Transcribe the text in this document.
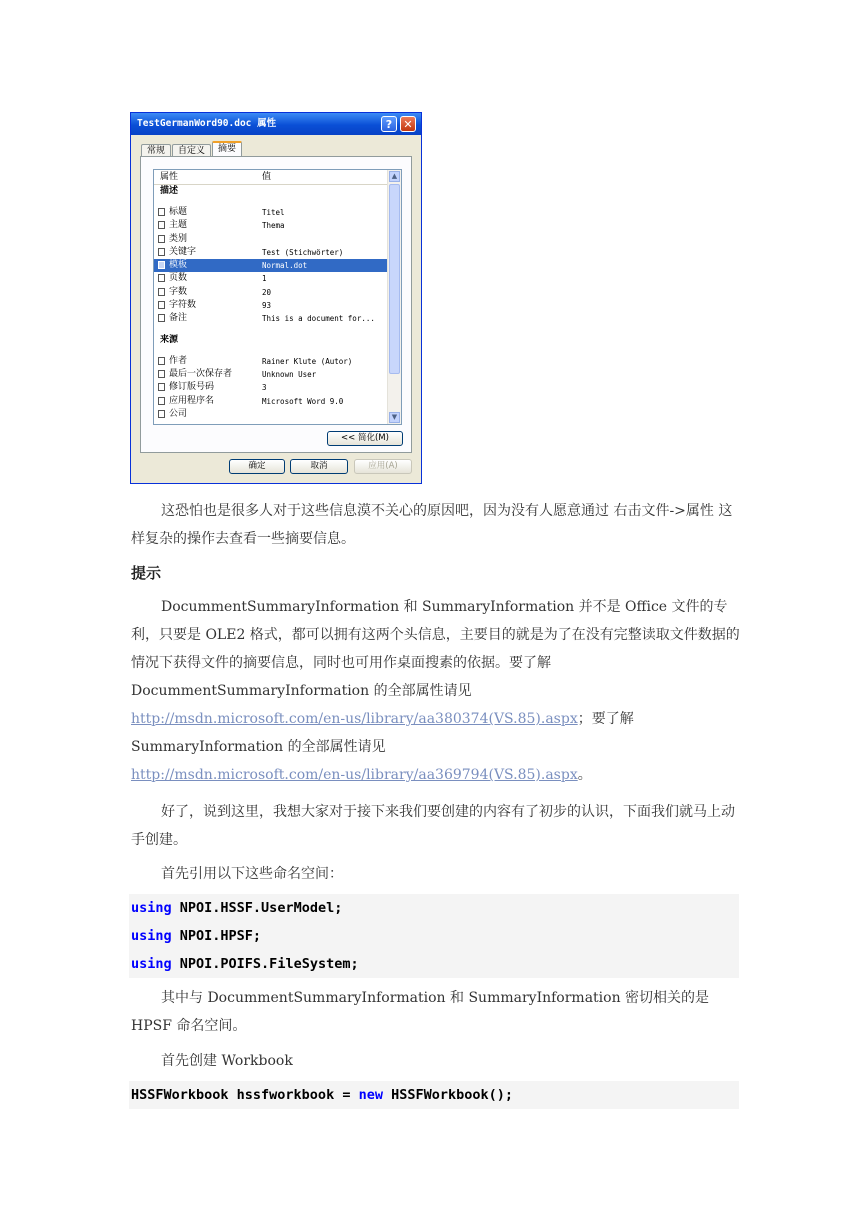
TestGermanWord90.doc 属性	?	✕
常规	自定义	摘要
属性	值
描述
标题	Titel
主题	Thema
类别
关键字	Test (Stichwörter)
模板	Normal.dot
页数	1
字数	20
字符数	93
备注	This is a document for...
来源
作者	Rainer Klute (Autor)
最后一次保存者	Unknown User
修订版号码	3
应用程序名	Microsoft Word 9.0
公司
▲
▼
<< 简化(M)
确定	取消	应用(A)
这恐怕也是很多人对于这些信息漠不关心的原因吧，因为没有人愿意通过 右击文件->属性 这样复杂的操作去查看一些摘要信息。
提示
DocummentSummaryInformation 和 SummaryInformation 并不是 Office 文件的专利，只要是 OLE2 格式，都可以拥有这两个头信息，主要目的就是为了在没有完整读取文件数据的情况下获得文件的摘要信息，同时也可用作桌面搜素的依据。要了解 DocummentSummaryInformation 的全部属性请见
http://msdn.microsoft.com/en-us/library/aa380374(VS.85).aspx；要了解 SummaryInformation 的全部属性请见
http://msdn.microsoft.com/en-us/library/aa369794(VS.85).aspx。
好了，说到这里，我想大家对于接下来我们要创建的内容有了初步的认识，下面我们就马上动手创建。
首先引用以下这些命名空间：
using NPOI.HSSF.UserModel;
using NPOI.HPSF;
using NPOI.POIFS.FileSystem;
其中与 DocummentSummaryInformation 和 SummaryInformation 密切相关的是 HPSF 命名空间。
首先创建 Workbook
HSSFWorkbook hssfworkbook = new HSSFWorkbook();
